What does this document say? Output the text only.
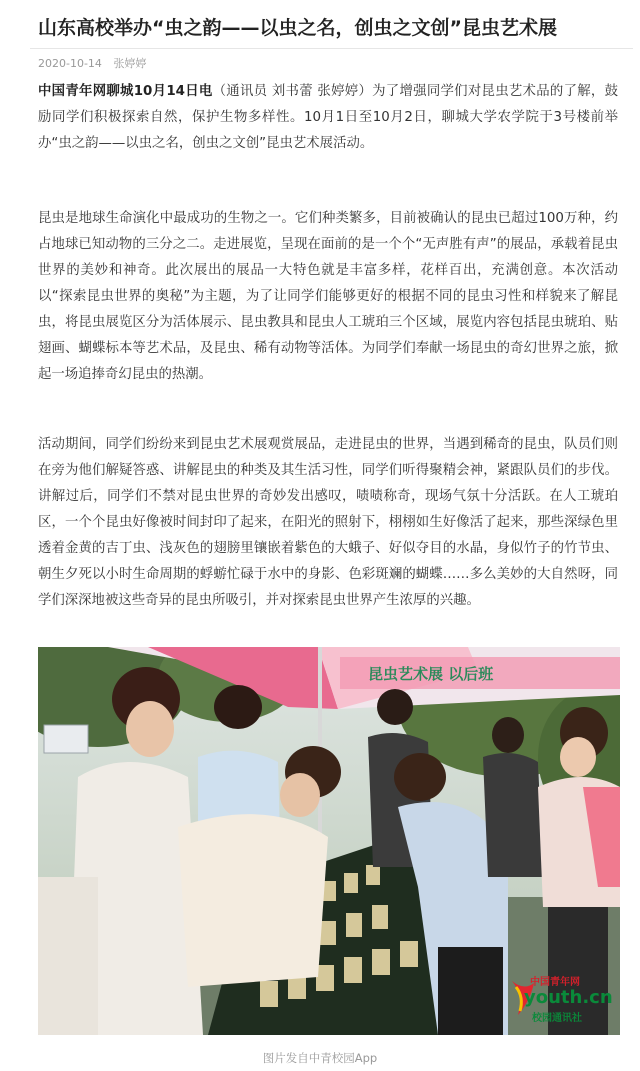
山东高校举办“虫之韵——以虫之名，创虫之文创”昆虫艺术展
2020-10-14 张婷婷

中国青年网聊城10月14日电（通讯员 刘书蕾 张婷婷）为了增强同学们对昆虫艺术品的了解，鼓励同学们积极探索自然，保护生物多样性。10月1日至10月2日，聊城大学农学院于3号楼前举办“虫之韵——以虫之名，创虫之文创”昆虫艺术展活动。

昆虫是地球生命演化中最成功的生物之一。它们种类繁多，目前被确认的昆虫已超过100万种，约占地球已知动物的三分之二。走进展览，呈现在面前的是一个个“无声胜有声”的展品，承载着昆虫世界的美妙和神奇。此次展出的展品一大特色就是丰富多样，花样百出，充满创意。本次活动以“探索昆虫世界的奥秘”为主题，为了让同学们能够更好的根据不同的昆虫习性和样貌来了解昆虫，将昆虫展览区分为活体展示、昆虫教具和昆虫人工琥珀三个区域，展览内容包括昆虫琥珀、贴翅画、蝴蝶标本等艺术品，及昆虫、稀有动物等活体。为同学们奉献一场昆虫的奇幻世界之旅，掀起一场追捧奇幻昆虫的热潮。

活动期间，同学们纷纷来到昆虫艺术展观赏展品，走进昆虫的世界，当遇到稀奇的昆虫，队员们则在旁为他们解疑答惑、讲解昆虫的种类及其生活习性，同学们听得聚精会神，紧跟队员们的步伐。讲解过后，同学们不禁对昆虫世界的奇妙发出感叹，啧啧称奇，现场气氛十分活跃。在人工琥珀区，一个个昆虫好像被时间封印了起来，在阳光的照射下，栩栩如生好像活了起来，那些深绿色里透着金黄的吉丁虫、浅灰色的翅膀里镶嵌着紫色的大蛾子、好似夺目的水晶，身似竹子的竹节虫、朝生夕死以小时生命周期的蜉蝣忙碌于水中的身影、色彩斑斓的蝴蝶……多么美妙的大自然呀，同学们深深地被这些奇异的昆虫所吸引，并对探索昆虫世界产生浓厚的兴趣。

昆虫艺术展 以后班
中国青年网
youth.cn
校园通讯社
图片发自中青校园App
